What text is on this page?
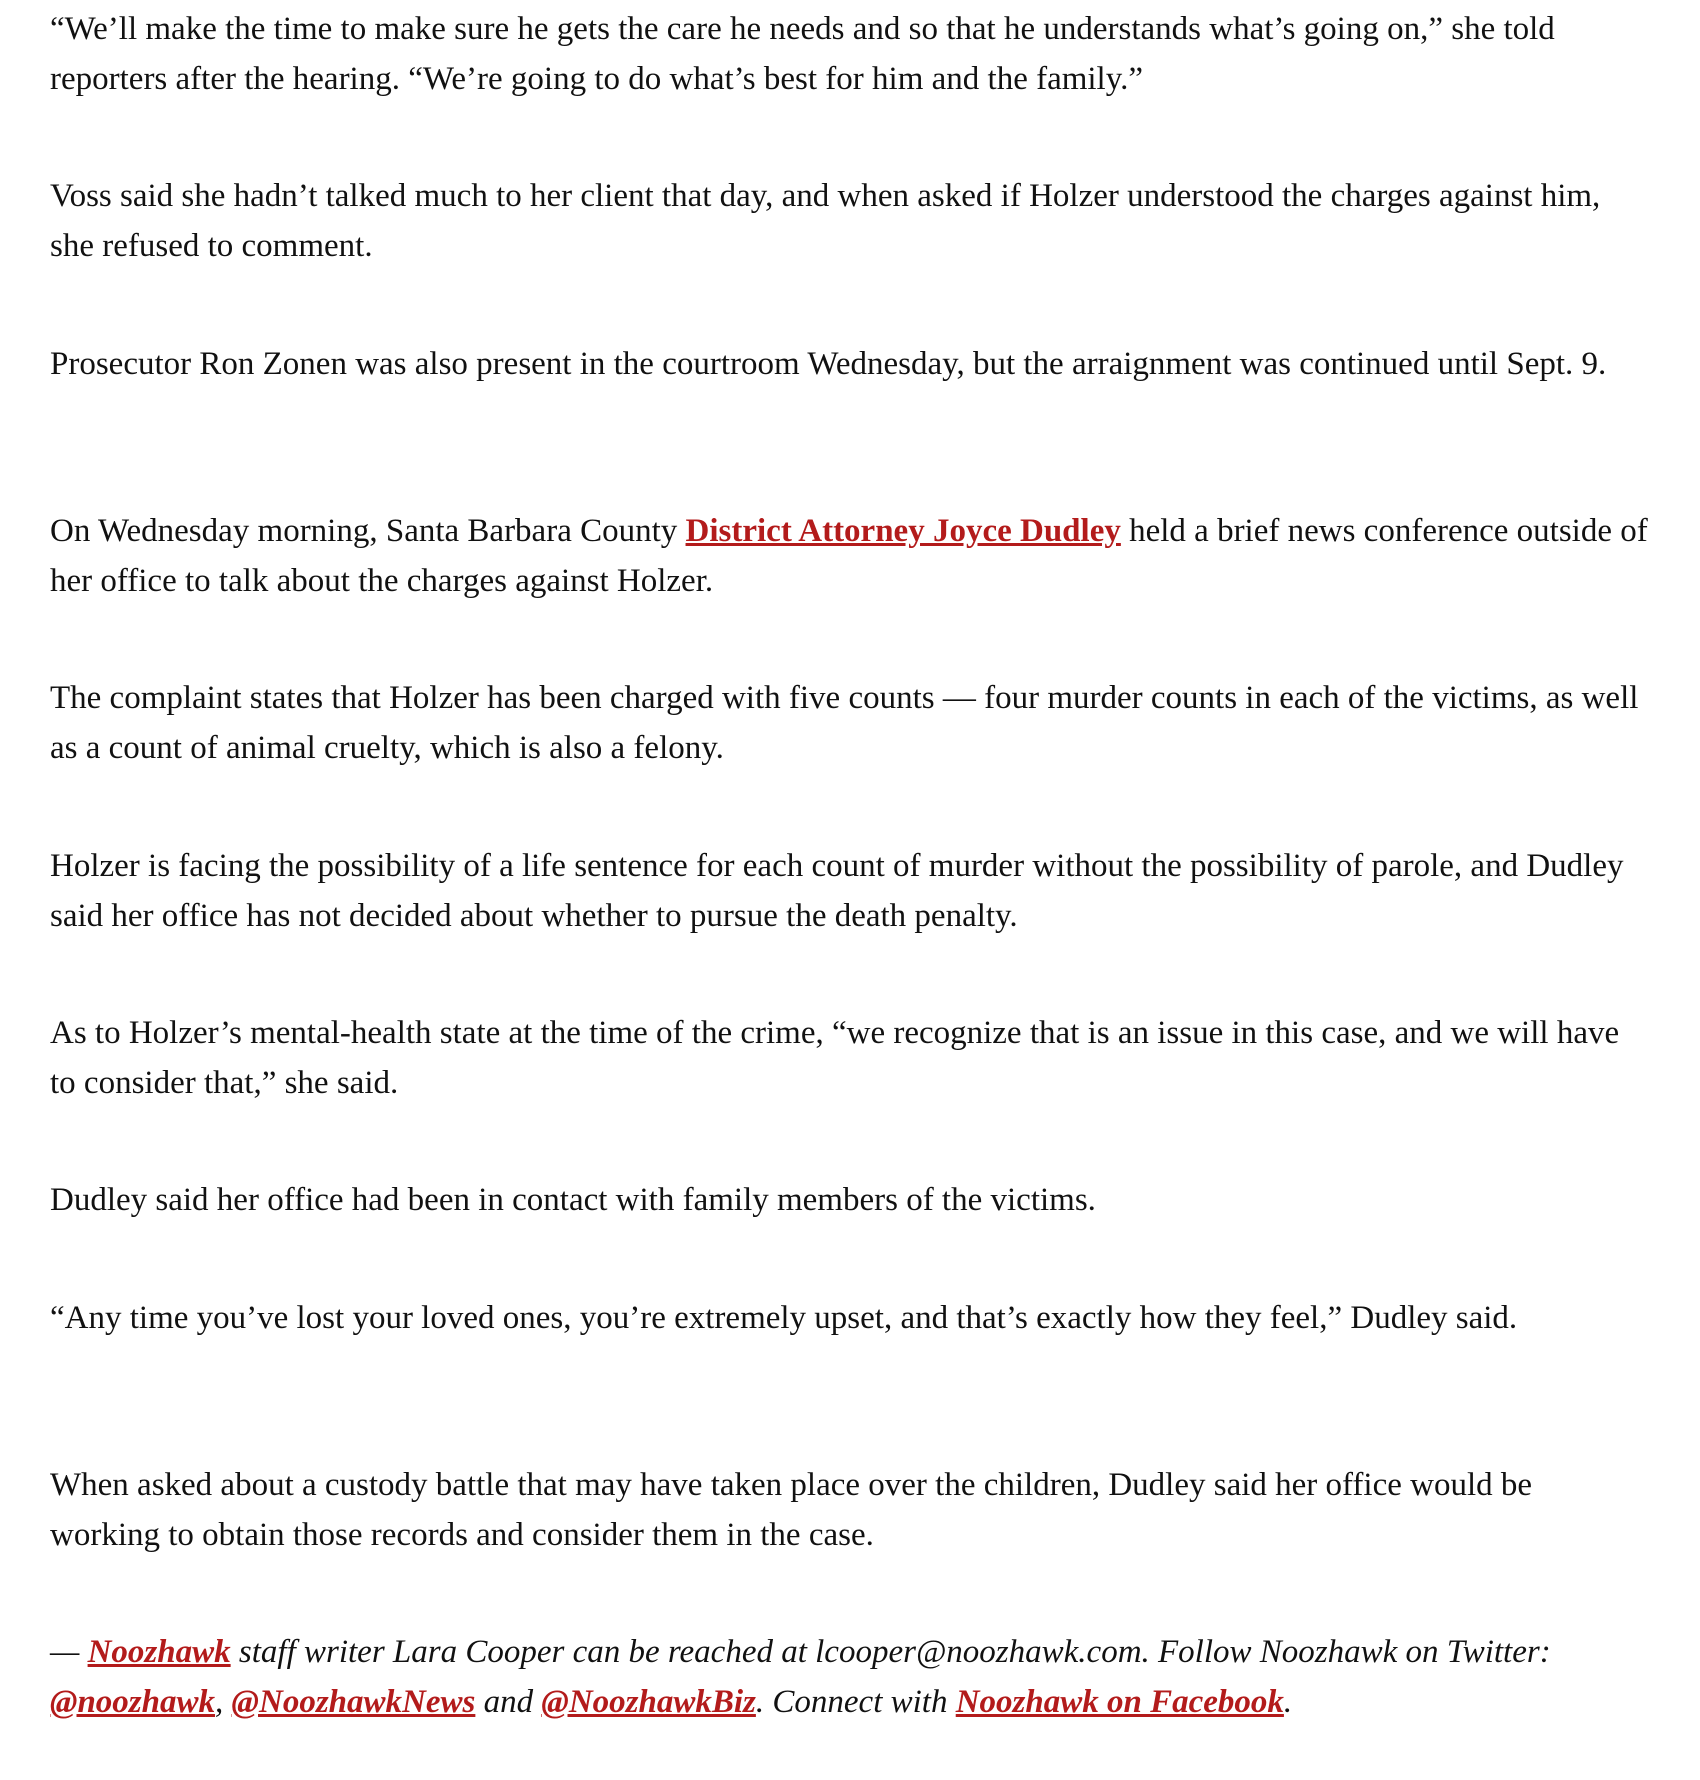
“We’ll make the time to make sure he gets the care he needs and so that he understands what’s going on,” she told reporters after the hearing. “We’re going to do what’s best for him and the family.”

Voss said she hadn’t talked much to her client that day, and when asked if Holzer understood the charges against him, she refused to comment.

Prosecutor Ron Zonen was also present in the courtroom Wednesday, but the arraignment was continued until Sept. 9.

On Wednesday morning, Santa Barbara County District Attorney Joyce Dudley held a brief news conference outside of her office to talk about the charges against Holzer.

The complaint states that Holzer has been charged with five counts — four murder counts in each of the victims, as well as a count of animal cruelty, which is also a felony.

Holzer is facing the possibility of a life sentence for each count of murder without the possibility of parole, and Dudley said her office has not decided about whether to pursue the death penalty.

As to Holzer’s mental-health state at the time of the crime, “we recognize that is an issue in this case, and we will have to consider that,” she said.

Dudley said her office had been in contact with family members of the victims.

“Any time you’ve lost your loved ones, you’re extremely upset, and that’s exactly how they feel,” Dudley said.

When asked about a custody battle that may have taken place over the children, Dudley said her office would be working to obtain those records and consider them in the case.

— Noozhawk staff writer Lara Cooper can be reached at lcooper@noozhawk.com. Follow Noozhawk on Twitter: @noozhawk, @NoozhawkNews and @NoozhawkBiz. Connect with Noozhawk on Facebook.
